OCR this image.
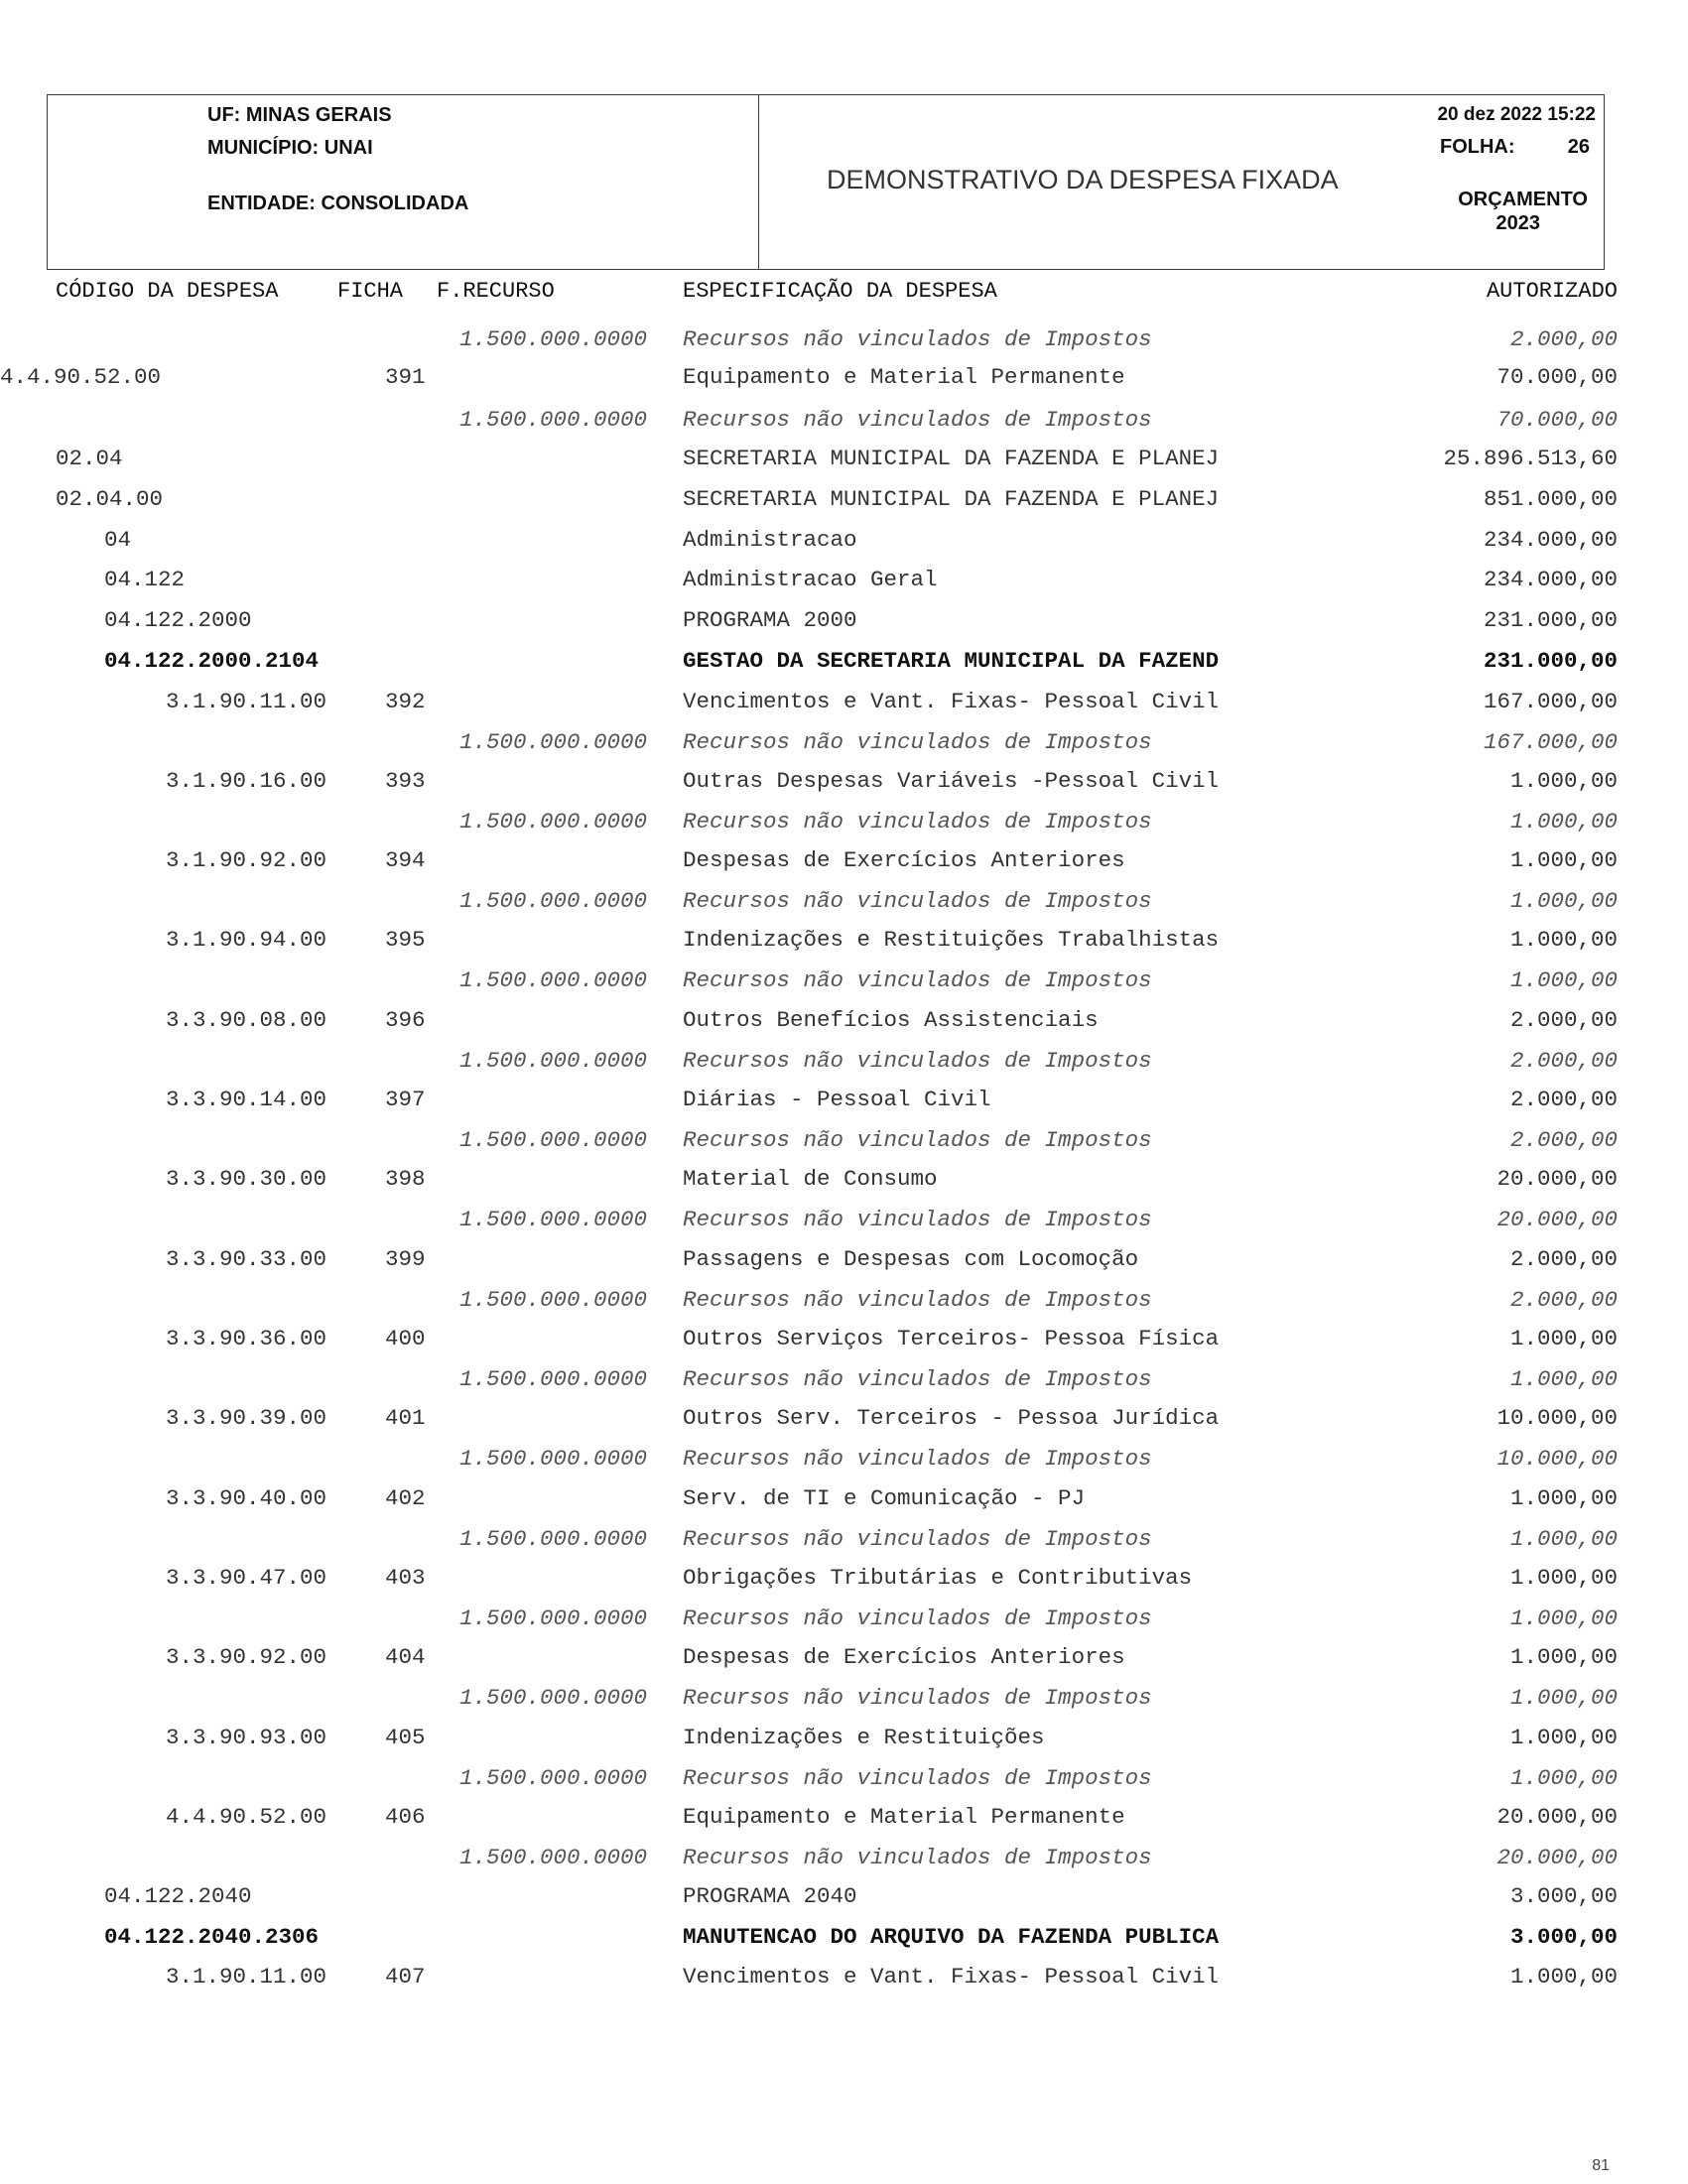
UF: MINAS GERAIS
MUNICÍPIO: UNAI
ENTIDADE: CONSOLIDADA
DEMONSTRATIVO DA DESPESA FIXADA
20 dez 2022 15:22
FOLHA:	26
ORÇAMENTO
2023
CÓDIGO DA DESPESA	FICHA F.RECURSO	ESPECIFICAÇÃO DA DESPESA	AUTORIZADO
1.500.000.0000 Recursos não vinculados de Impostos	2.000,00
4.4.90.52.00	391	Equipamento e Material Permanente	70.000,00
1.500.000.0000 Recursos não vinculados de Impostos	70.000,00
02.04	SECRETARIA MUNICIPAL DA FAZENDA E PLANEJ	25.896.513,60
02.04.00	SECRETARIA MUNICIPAL DA FAZENDA E PLANEJ	851.000,00
04	Administracao	234.000,00
04.122	Administracao Geral	234.000,00
04.122.2000	PROGRAMA 2000	231.000,00
04.122.2000.2104	GESTAO DA SECRETARIA MUNICIPAL DA FAZEND	231.000,00
3.1.90.11.00	392	Vencimentos e Vant. Fixas- Pessoal Civil	167.000,00
1.500.000.0000 Recursos não vinculados de Impostos	167.000,00
3.1.90.16.00	393	Outras Despesas Variáveis -Pessoal Civil	1.000,00
1.500.000.0000 Recursos não vinculados de Impostos	1.000,00
3.1.90.92.00	394	Despesas de Exercícios Anteriores	1.000,00
1.500.000.0000 Recursos não vinculados de Impostos	1.000,00
3.1.90.94.00	395	Indenizações e Restituições Trabalhistas	1.000,00
1.500.000.0000 Recursos não vinculados de Impostos	1.000,00
3.3.90.08.00	396	Outros Benefícios Assistenciais	2.000,00
1.500.000.0000 Recursos não vinculados de Impostos	2.000,00
3.3.90.14.00	397	Diárias - Pessoal Civil	2.000,00
1.500.000.0000 Recursos não vinculados de Impostos	2.000,00
3.3.90.30.00	398	Material de Consumo	20.000,00
1.500.000.0000 Recursos não vinculados de Impostos	20.000,00
3.3.90.33.00	399	Passagens e Despesas com Locomoção	2.000,00
1.500.000.0000 Recursos não vinculados de Impostos	2.000,00
3.3.90.36.00	400	Outros Serviços Terceiros- Pessoa Física	1.000,00
1.500.000.0000 Recursos não vinculados de Impostos	1.000,00
3.3.90.39.00	401	Outros Serv. Terceiros - Pessoa Jurídica	10.000,00
1.500.000.0000 Recursos não vinculados de Impostos	10.000,00
3.3.90.40.00	402	Serv. de TI e Comunicação - PJ	1.000,00
1.500.000.0000 Recursos não vinculados de Impostos	1.000,00
3.3.90.47.00	403	Obrigações Tributárias e Contributivas	1.000,00
1.500.000.0000 Recursos não vinculados de Impostos	1.000,00
3.3.90.92.00	404	Despesas de Exercícios Anteriores	1.000,00
1.500.000.0000 Recursos não vinculados de Impostos	1.000,00
3.3.90.93.00	405	Indenizações e Restituições	1.000,00
1.500.000.0000 Recursos não vinculados de Impostos	1.000,00
4.4.90.52.00	406	Equipamento e Material Permanente	20.000,00
1.500.000.0000 Recursos não vinculados de Impostos	20.000,00
04.122.2040	PROGRAMA 2040	3.000,00
04.122.2040.2306	MANUTENCAO DO ARQUIVO DA FAZENDA PUBLICA	3.000,00
3.1.90.11.00	407	Vencimentos e Vant. Fixas- Pessoal Civil	1.000,00
81
